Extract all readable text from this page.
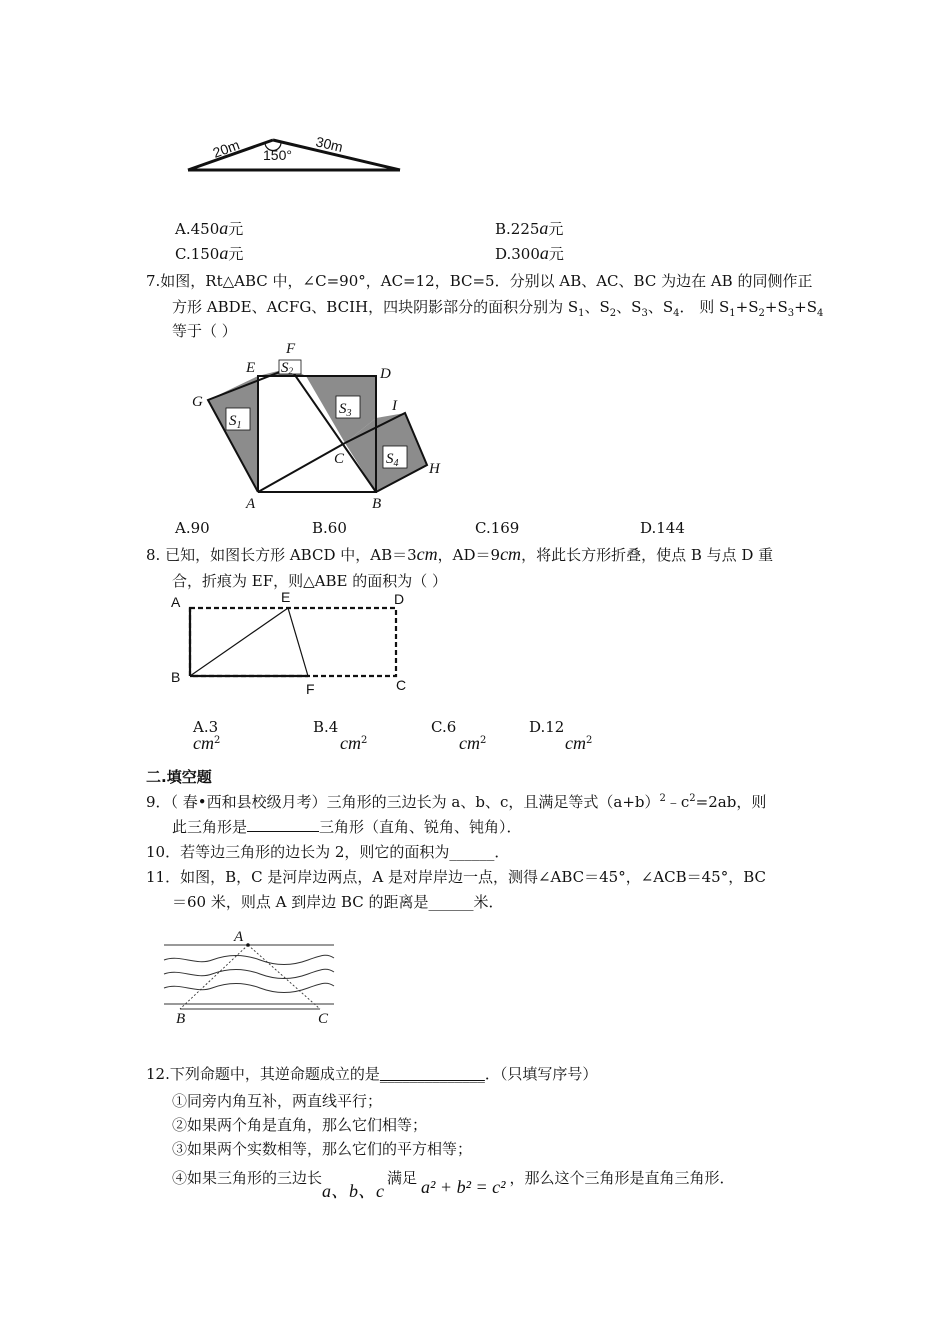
20m	30m
150°
A.450a元	B.225a元
C.150a元	D.300a元
7.如图，Rt△ABC 中，∠C=90°，AC=12，BC=5．分别以 AB、AC、BC 为边在 AB 的同侧作正
方形 ABDE、ACFG、BCIH，四块阴影部分的面积分别为 $S_1$、$S_2$、$S_3$、$S_4$． 则 $S_1+S_2+S_3+S_4$
等于（ ）
$S_1$
S2
$S_3$
$S_4$
E
F
D
G	I
C
H
A	B
A.90	B.60	C.169	D.144
8. 已知，如图长方形 ABCD 中，AB＝3cm，AD＝9cm，将此长方形折叠，使点 B 与点 D 重
合，折痕为 EF，则△ABE 的面积为（ ）
A	E	D
B
F	C
A.3
$cm^2$
B.4
$cm^2$
C.6
$cm^2$
D.12
$cm^2$
二.填空题
9．（ 春•西和县校级月考）三角形的三边长为 a、b、c，且满足等式$(a+b)^2﹣c^2=2ab$，则
此三角形是	三角形（直角、锐角、钝角）．
10．若等边三角形的边长为 2，则它的面积为______．
11．如图，B，C 是河岸边两点，A 是对岸岸边一点，测得∠ABC＝45°，∠ACB＝45°，BC
＝60 米，则点 A 到岸边 BC 的距离是______米．
A
B	C
12.下列命题中，其逆命题成立的是______________．（只填写序号）
①同旁内角互补，两直线平行；
②如果两个角是直角，那么它们相等；
③如果两个实数相等，那么它们的平方相等；
④如果三角形的三边长a、b、c满足 a² + b² = c² ，那么这个三角形是直角三角形．
